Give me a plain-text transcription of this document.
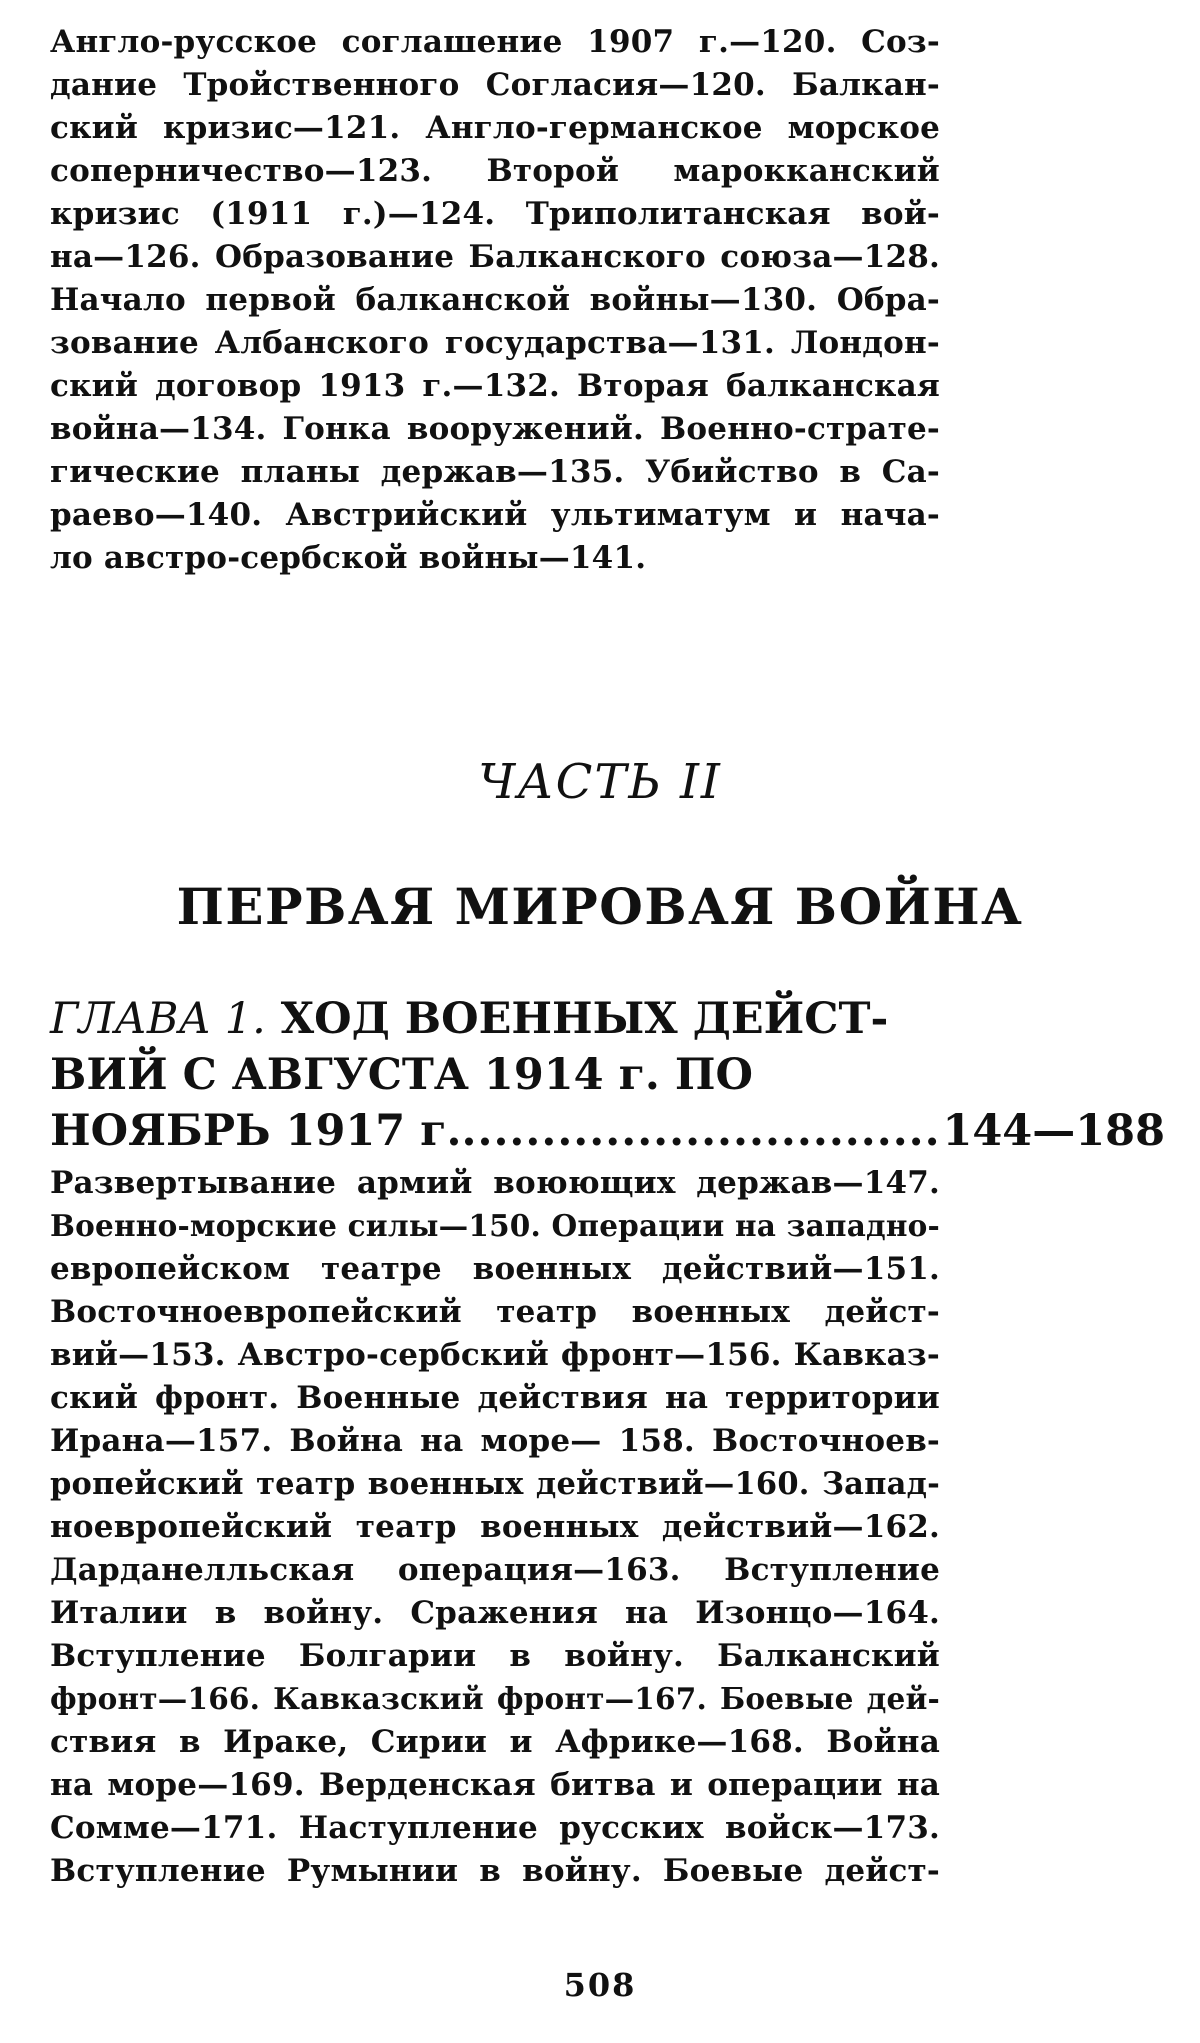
Англо-русское соглашение 1907 г.—120. Соз-
дание Тройственного Согласия—120. Балкан-
ский кризис—121. Англо-германское морское
соперничество—123. Второй марокканский
кризис (1911 г.)—124. Триполитанская вой-
на—126. Образование Балканского союза—128.
Начало первой балканской войны—130. Обра-
зование Албанского государства—131. Лондон-
ский договор 1913 г.—132. Вторая балканская
война—134. Гонка вооружений. Военно-страте-
гические планы держав—135. Убийство в Са-
раево—140. Австрийский ультиматум и нача-
ло австро-сербской войны—141.
ЧАСТЬ II
ПЕРВАЯ МИРОВАЯ ВОЙНА
ГЛАВА 1. ХОД ВОЕННЫХ ДЕЙСТ-
ВИЙ С АВГУСТА 1914 г. ПО
НОЯБРЬ 1917 г.
.....	144—188
Развертывание армий воюющих держав—147.
Военно-морские силы—150. Операции на западно-
европейском театре военных действий—151.
Восточноевропейский театр военных дейст-
вий—153. Австро-сербский фронт—156. Кавказ-
ский фронт. Военные действия на территории
Ирана—157. Война на море— 158. Восточноев-
ропейский театр военных действий—160. Запад-
ноевропейский театр военных действий—162.
Дарданелльская операция—163. Вступление
Италии в войну. Сражения на Изонцо—164.
Вступление Болгарии в войну. Балканский
фронт—166. Кавказский фронт—167. Боевые дей-
ствия в Ираке, Сирии и Африке—168. Война
на море—169. Верденская битва и операции на
Сомме—171. Наступление русских войск—173.
Вступление Румынии в войну. Боевые дейст-
508
